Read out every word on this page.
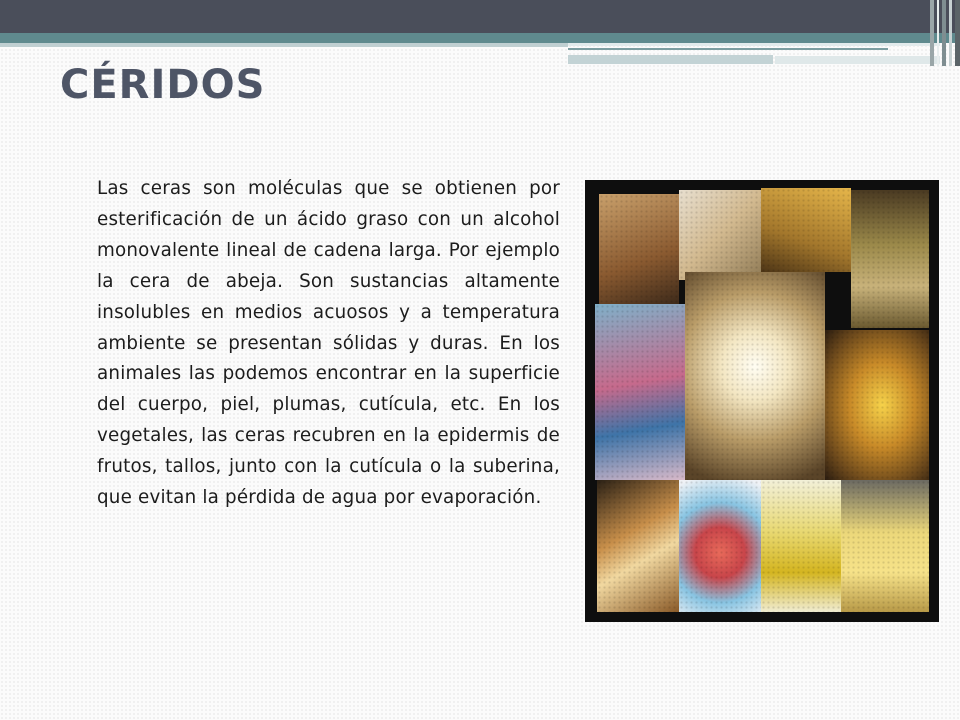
CÉRIDOS

Las ceras son moléculas que se obtienen por esterificación de un ácido graso con un alcohol monovalente lineal de cadena larga. Por ejemplo la cera de abeja. Son sustancias altamente insolubles en medios acuosos y a temperatura ambiente se presentan sólidas y duras. En los animales las podemos encontrar en la superficie del cuerpo, piel, plumas, cutícula, etc. En los vegetales, las ceras recubren en la epidermis de frutos, tallos, junto con la cutícula o la suberina, que evitan la pérdida de agua por evaporación.
